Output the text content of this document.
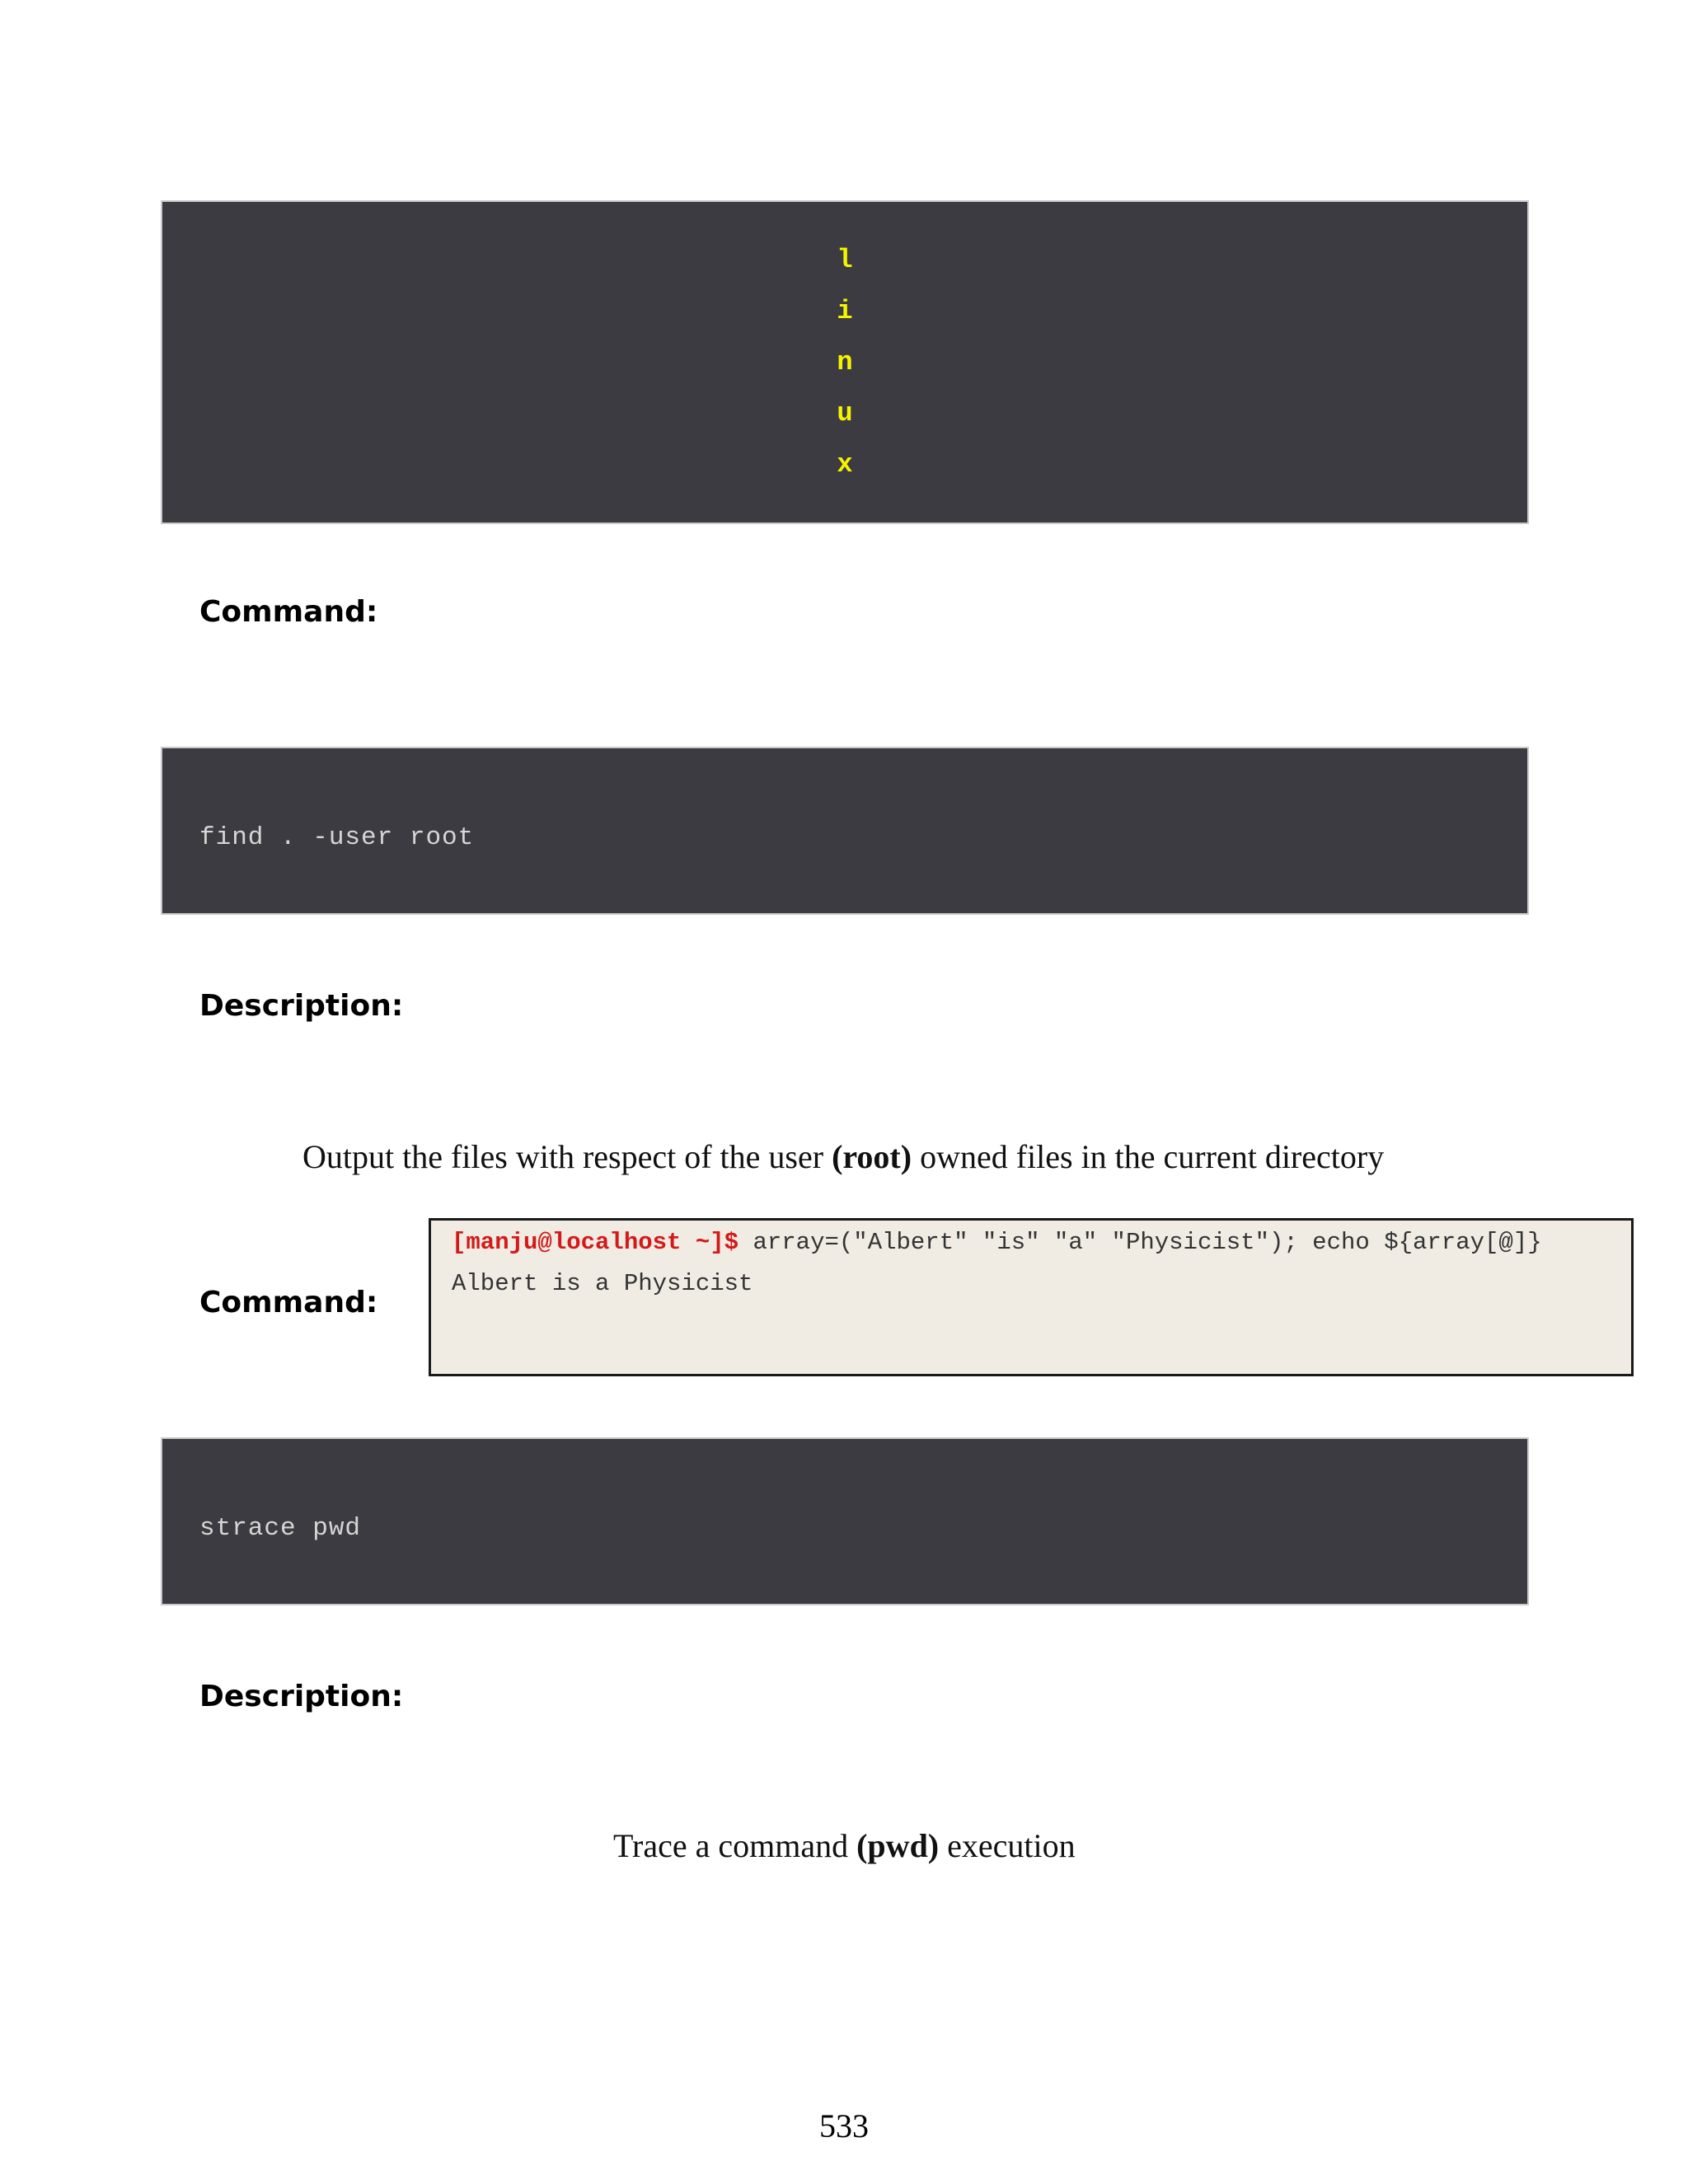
l
i
n
u
x
Command:
find . -user root
Description:
Output the files with respect of the user (root) owned files in the current directory
[manju@localhost ~]$ array=("Albert" "is" "a" "Physicist"); echo ${array[@]}
Albert is a Physicist
Command:
strace pwd
Description:
Trace a command (pwd) execution
533
